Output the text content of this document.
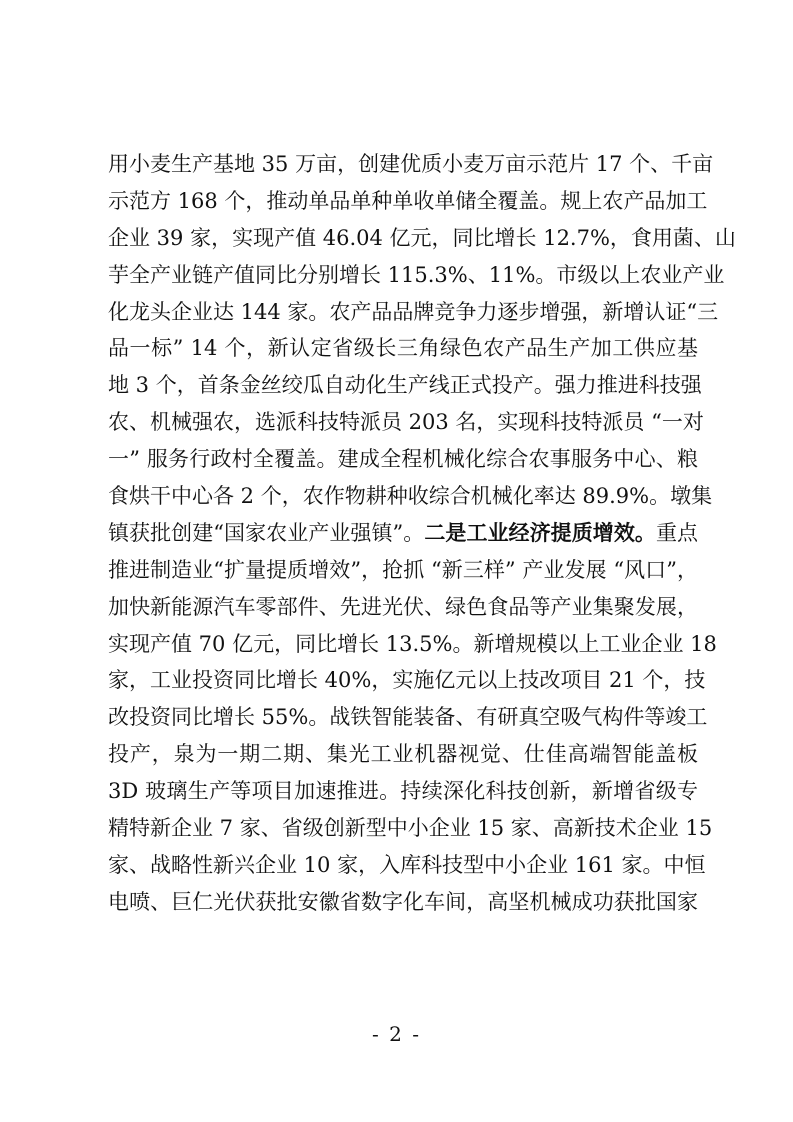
用小麦生产基地 35 万亩，创建优质小麦万亩示范片 17 个、千亩
示范方 168 个，推动单品单种单收单储全覆盖。规上农产品加工
企业 39 家，实现产值 46.04 亿元，同比增长 12.7%，食用菌、山
芋全产业链产值同比分别增长 115.3%、11%。市级以上农业产业
化龙头企业达 144 家。农产品品牌竞争力逐步增强，新增认证“三
品一标” 14 个，新认定省级长三角绿色农产品生产加工供应基
地 3 个，首条金丝绞瓜自动化生产线正式投产。强力推进科技强
农、机械强农，选派科技特派员 203 名，实现科技特派员 “一对
一” 服务行政村全覆盖。建成全程机械化综合农事服务中心、粮
食烘干中心各 2 个，农作物耕种收综合机械化率达 89.9%。墩集
镇获批创建“国家农业产业强镇”。二是工业经济提质增效。重点
推进制造业“扩量提质增效”，抢抓 “新三样” 产业发展 “风口”，
加快新能源汽车零部件、先进光伏、绿色食品等产业集聚发展，
实现产值 70 亿元，同比增长 13.5%。新增规模以上工业企业 18
家，工业投资同比增长 40%，实施亿元以上技改项目 21 个，技
改投资同比增长 55%。战铁智能装备、有研真空吸气构件等竣工
投产，泉为一期二期、集光工业机器视觉、仕佳高端智能盖板
3D 玻璃生产等项目加速推进。持续深化科技创新，新增省级专
精特新企业 7 家、省级创新型中小企业 15 家、高新技术企业 15
家、战略性新兴企业 10 家，入库科技型中小企业 161 家。中恒
电喷、巨仁光伏获批安徽省数字化车间，高坚机械成功获批国家
- 2 -
